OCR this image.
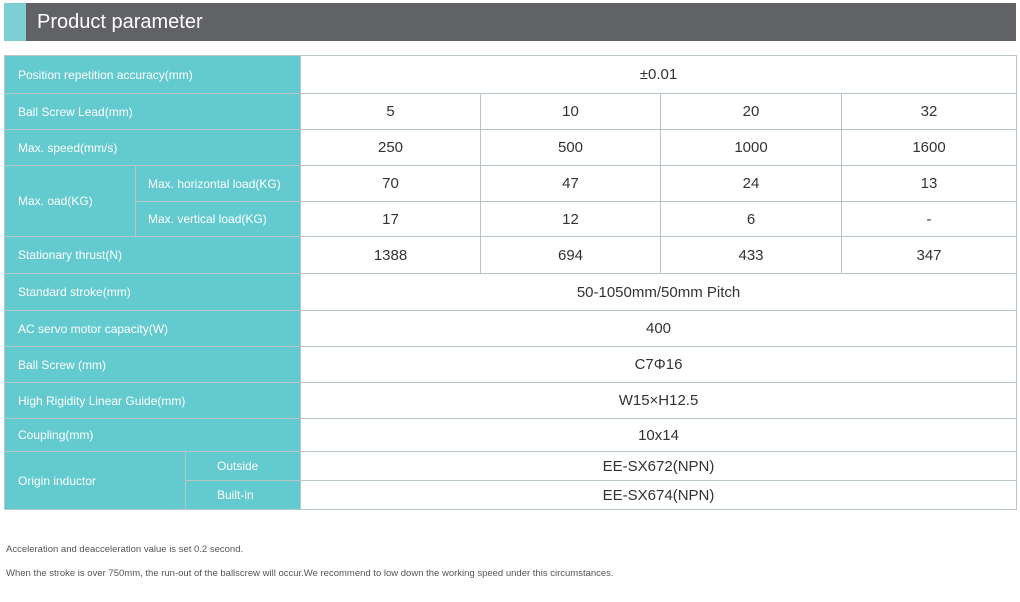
Product parameter
Position repetition accuracy(mm)			±0.01			
Ball Screw Lead(mm)			5	10	20	32
Max. speed(mm/s)			250	500	1000	1600
Max. oad(KG)	Max. horizontal load(KG)		70	47	24	13
	Max. vertical load(KG)		17	12	6	-
Stationary thrust(N)			1388	694	433	347
Standard stroke(mm)			50-1050mm/50mm Pitch			
AC servo motor capacity(W)			400			
Ball Screw (mm)			C7Φ16			
High Rigidity Linear Guide(mm)			W15×H12.5			
Coupling(mm)			10x14			
Origin inductor		Outside	EE-SX672(NPN)			
		Built-in	EE-SX674(NPN)			

Acceleration and deacceleration value is set 0.2 second.

When the stroke is over 750mm, the run-out of the ballscrew will occur.We recommend to low down the working speed under this circumstances.
